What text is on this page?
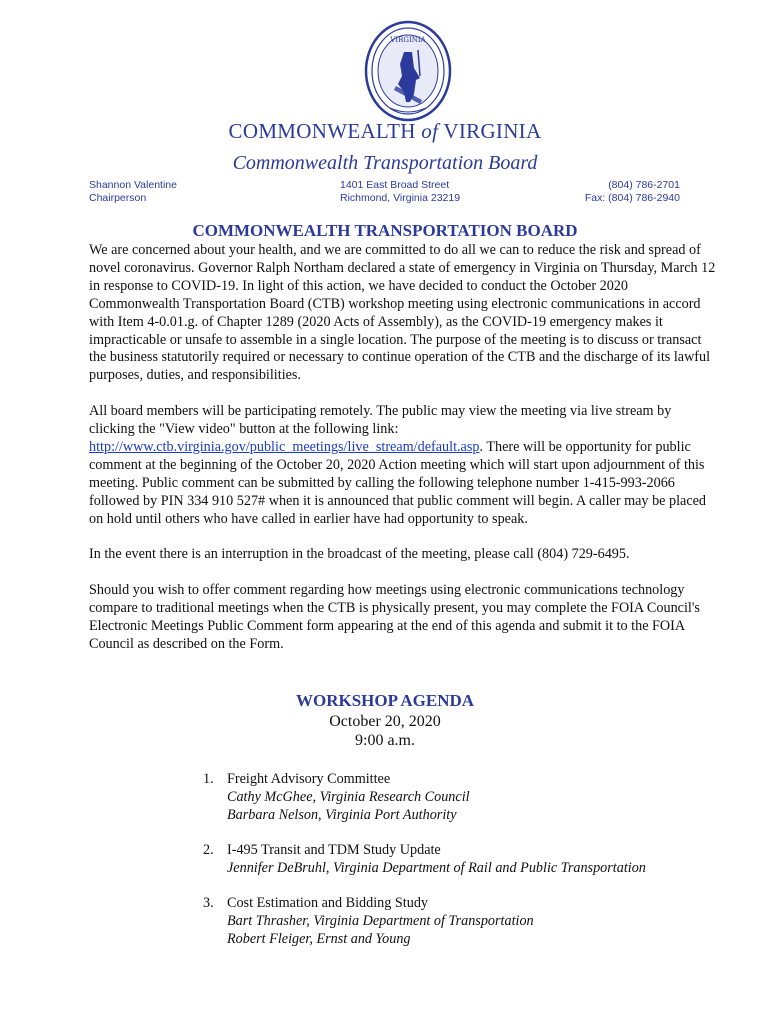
VIRGINIA
COMMONWEALTH of VIRGINIA
Commonwealth Transportation Board
Shannon Valentine
Chairperson
1401 East Broad Street
Richmond, Virginia 23219
(804) 786-2701
Fax: (804) 786-2940
COMMONWEALTH TRANSPORTATION BOARD

We are concerned about your health, and we are committed to do all we can to reduce the risk and spread of novel coronavirus. Governor Ralph Northam declared a state of emergency in Virginia on Thursday, March 12 in response to COVID-19. In light of this action, we have decided to conduct the October 2020 Commonwealth Transportation Board (CTB) workshop meeting using electronic communications in accord with Item 4-0.01.g. of Chapter 1289 (2020 Acts of Assembly), as the COVID-19 emergency makes it impracticable or unsafe to assemble in a single location. The purpose of the meeting is to discuss or transact the business statutorily required or necessary to continue operation of the CTB and the discharge of its lawful purposes, duties, and responsibilities.

All board members will be participating remotely. The public may view the meeting via live stream by clicking the "View video" button at the following link: http://www.ctb.virginia.gov/public_meetings/live_stream/default.asp. There will be opportunity for public comment at the beginning of the October 20, 2020 Action meeting which will start upon adjournment of this meeting. Public comment can be submitted by calling the following telephone number 1-415-993-2066 followed by PIN 334 910 527# when it is announced that public comment will begin. A caller may be placed on hold until others who have called in earlier have had opportunity to speak.

In the event there is an interruption in the broadcast of the meeting, please call (804) 729-6495.

Should you wish to offer comment regarding how meetings using electronic communications technology compare to traditional meetings when the CTB is physically present, you may complete the FOIA Council's Electronic Meetings Public Comment form appearing at the end of this agenda and submit it to the FOIA Council as described on the Form.

WORKSHOP AGENDA
October 20, 2020
9:00 a.m.
1. Freight Advisory Committee
Cathy McGhee, Virginia Research Council
Barbara Nelson, Virginia Port Authority
2. I-495 Transit and TDM Study Update
Jennifer DeBruhl, Virginia Department of Rail and Public Transportation
3. Cost Estimation and Bidding Study
Bart Thrasher, Virginia Department of Transportation
Robert Fleiger, Ernst and Young
